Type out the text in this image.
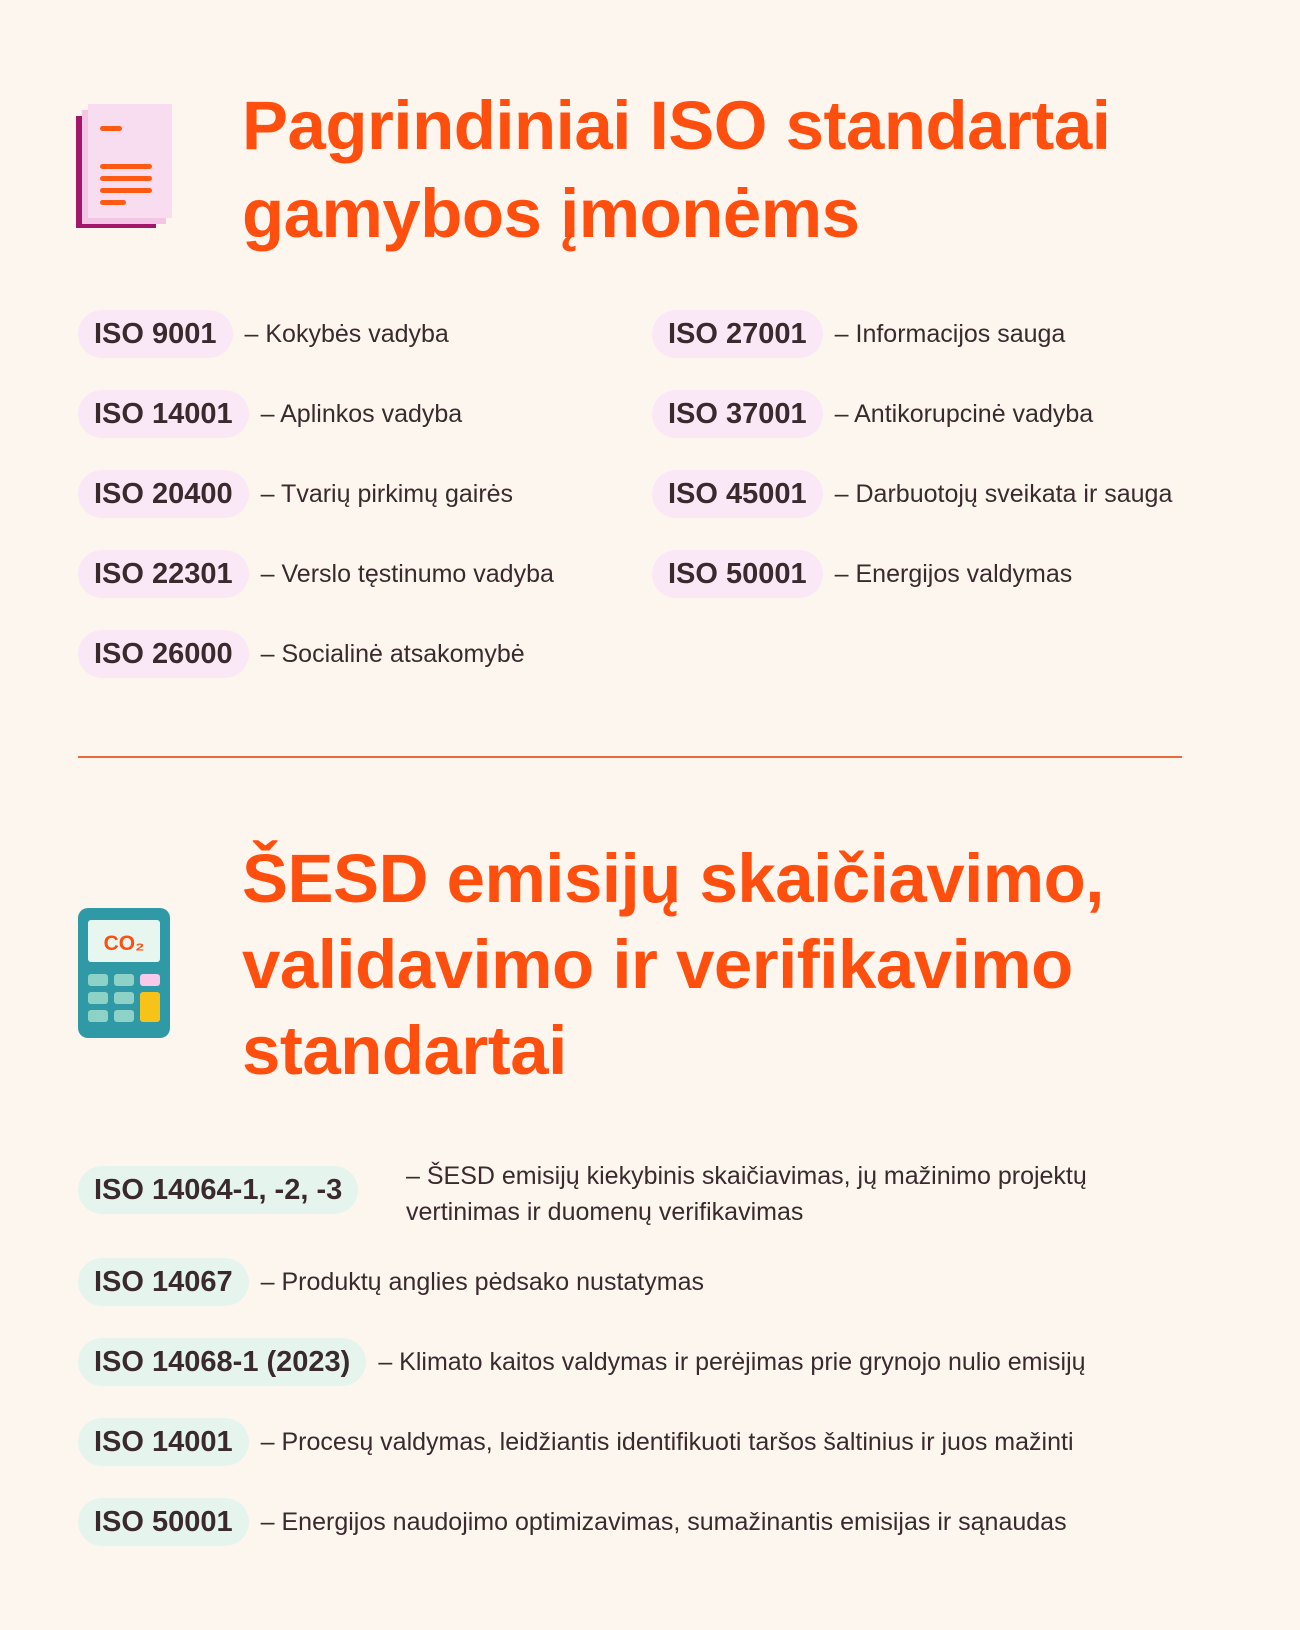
Pagrindiniai ISO standartai
gamybos įmonėms
ISO 9001	– Kokybės vadyba
ISO 14001	– Aplinkos vadyba
ISO 20400	– Tvarių pirkimų gairės
ISO 22301	– Verslo tęstinumo vadyba
ISO 26000	– Socialinė atsakomybė
ISO 27001	– Informacijos sauga
ISO 37001	– Antikorupcinė vadyba
ISO 45001	– Darbuotojų sveikata ir sauga
ISO 50001	– Energijos valdymas
CO₂
ŠESD emisijų skaičiavimo,
validavimo ir verifikavimo
standartai
ISO 14064-1, -2, -3	– ŠESD emisijų kiekybinis skaičiavimas, jų mažinimo projektų
vertinimas ir duomenų verifikavimas
ISO 14067	– Produktų anglies pėdsako nustatymas
ISO 14068-1 (2023)	– Klimato kaitos valdymas ir perėjimas prie grynojo nulio emisijų
ISO 14001	– Procesų valdymas, leidžiantis identifikuoti taršos šaltinius ir juos mažinti
ISO 50001	– Energijos naudojimo optimizavimas, sumažinantis emisijas ir sąnaudas
